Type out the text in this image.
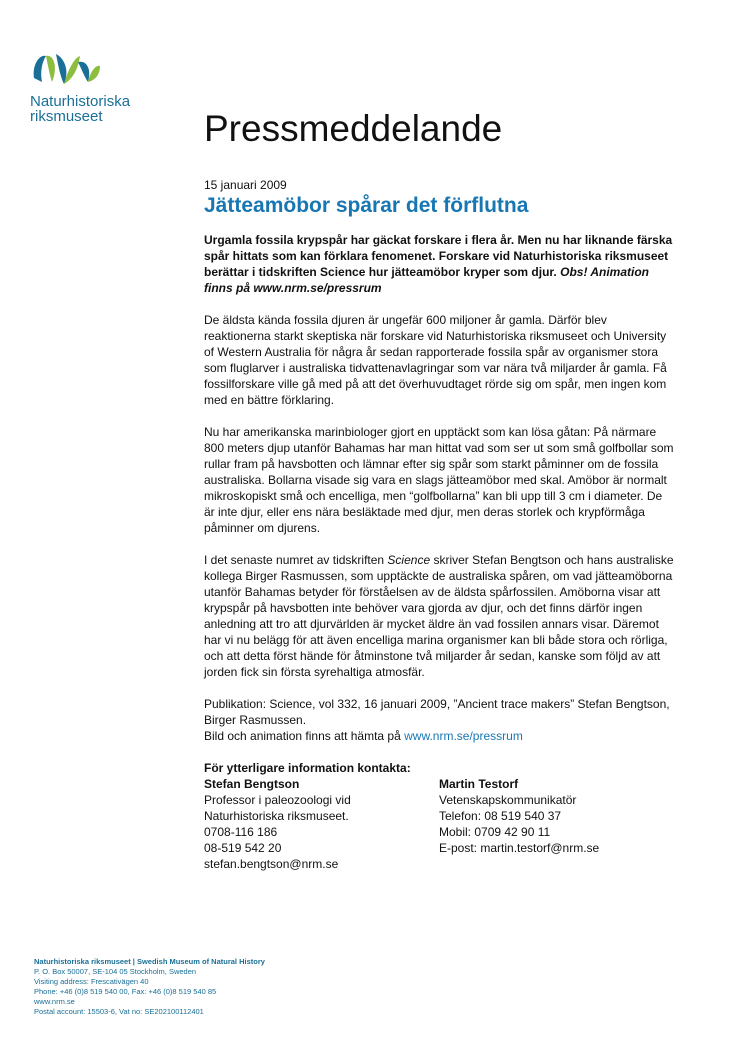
Naturhistoriska
riksmuseet	Pressmeddelande
15 januari 2009
Jätteamöbor spårar det förflutna
Urgamla fossila krypspår har gäckat forskare i flera år. Men nu har liknande färska spår hittats som kan förklara fenomenet. Forskare vid Naturhistoriska riksmuseet berättar i tidskriften Science hur jätteamöbor kryper som djur. Obs! Animation finns på www.nrm.se/pressrum
De äldsta kända fossila djuren är ungefär 600 miljoner år gamla. Därför blev reaktionerna starkt skeptiska när forskare vid Naturhistoriska riksmuseet och University of Western Australia för några år sedan rapporterade fossila spår av organismer stora som fluglarver i australiska tidvattenavlagringar som var nära två miljarder år gamla. Få fossilforskare ville gå med på att det överhuvudtaget rörde sig om spår, men ingen kom med en bättre förklaring.
Nu har amerikanska marinbiologer gjort en upptäckt som kan lösa gåtan: På närmare 800 meters djup utanför Bahamas har man hittat vad som ser ut som små golfbollar som rullar fram på havsbotten och lämnar efter sig spår som starkt påminner om de fossila australiska. Bollarna visade sig vara en slags jätteamöbor med skal. Amöbor är normalt mikroskopiskt små och encelliga, men “golfbollarna” kan bli upp till 3 cm i diameter. De är inte djur, eller ens nära besläktade med djur, men deras storlek och krypförmåga påminner om djurens.
I det senaste numret av tidskriften Science skriver Stefan Bengtson och hans australiske kollega Birger Rasmussen, som upptäckte de australiska spåren, om vad jätteamöborna utanför Bahamas betyder för förståelsen av de äldsta spårfossilen. Amöborna visar att krypspår på havsbotten inte behöver vara gjorda av djur, och det finns därför ingen anledning att tro att djurvärlden är mycket äldre än vad fossilen annars visar. Däremot har vi nu belägg för att även encelliga marina organismer kan bli både stora och rörliga, och att detta först hände för åtminstone två miljarder år sedan, kanske som följd av att jorden fick sin första syrehaltiga atmosfär.
Publikation: Science, vol 332, 16 januari 2009, ”Ancient trace makers” Stefan Bengtson, Birger Rasmussen.
Bild och animation finns att hämta på www.nrm.se/pressrum
För ytterligare information kontakta:
Stefan Bengtson
Professor i paleozoologi vid
Naturhistoriska riksmuseet.
0708-116 186
08-519 542 20
stefan.bengtson@nrm.se
Martin Testorf
Vetenskapskommunikatör
Telefon: 08 519 540 37
Mobil: 0709 42 90 11
E-post: martin.testorf@nrm.se
Naturhistoriska riksmuseet | Swedish Museum of Natural History
P. O. Box 50007, SE-104 05 Stockholm, Sweden
Visiting address: Frescativägen 40
Phone: +46 (0)8 519 540 00, Fax: +46 (0)8 519 540 85
www.nrm.se
Postal account: 15503-6, Vat no: SE202100112401
